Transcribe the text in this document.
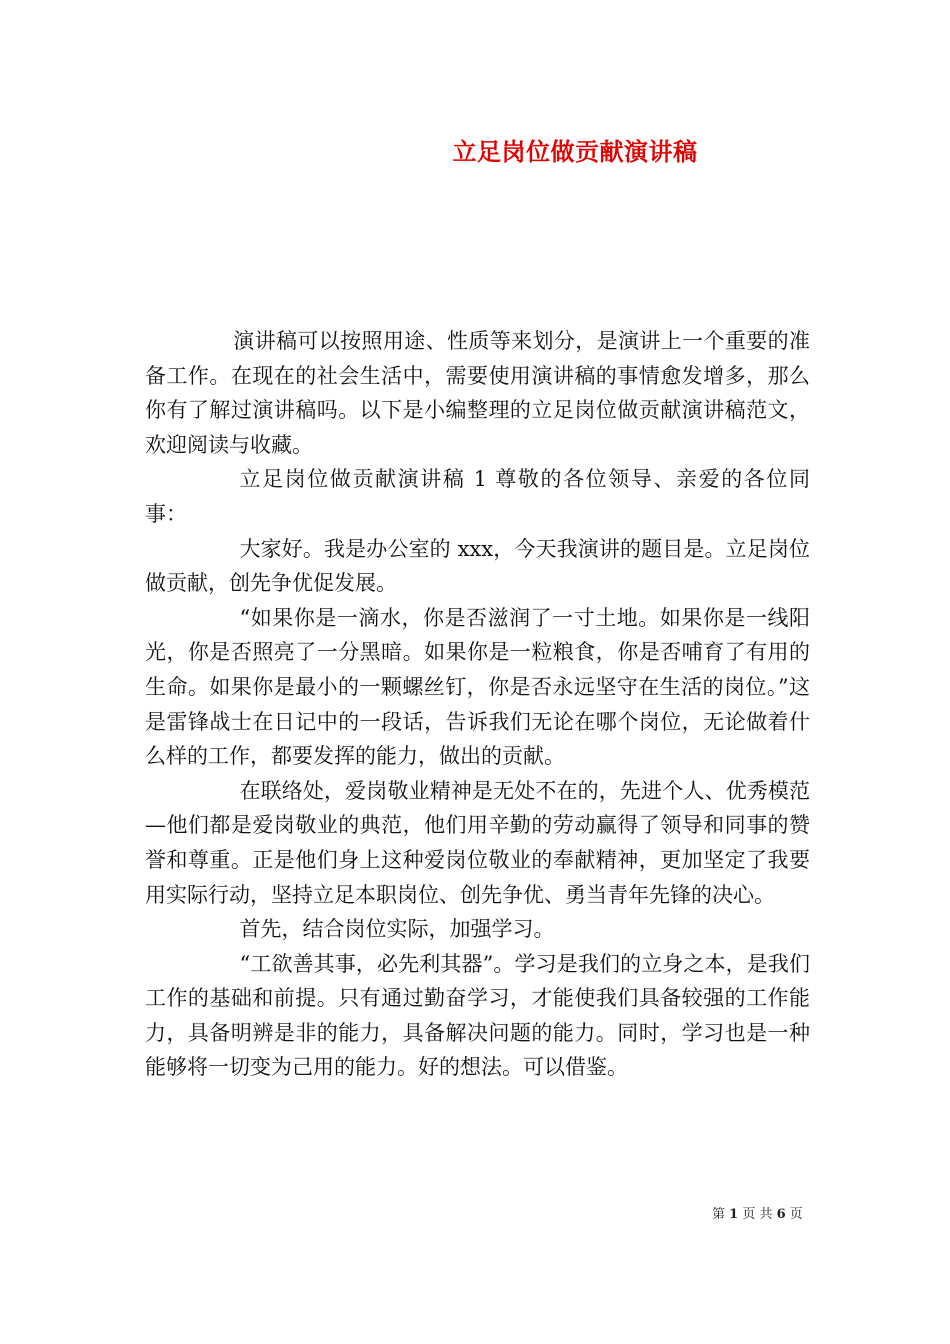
立足岗位做贡献演讲稿

演讲稿可以按照用途、性质等来划分，是演讲上一个重要的准备工作。在现在的社会生活中，需要使用演讲稿的事情愈发增多，那么你有了解过演讲稿吗。以下是小编整理的立足岗位做贡献演讲稿范文，欢迎阅读与收藏。

立足岗位做贡献演讲稿 1 尊敬的各位领导、亲爱的各位同事：

大家好。我是办公室的 xxx，今天我演讲的题目是。立足岗位做贡献，创先争优促发展。

“如果你是一滴水，你是否滋润了一寸土地。如果你是一线阳光，你是否照亮了一分黑暗。如果你是一粒粮食，你是否哺育了有用的生命。如果你是最小的一颗螺丝钉，你是否永远坚守在生活的岗位。”这是雷锋战士在日记中的一段话，告诉我们无论在哪个岗位，无论做着什么样的工作，都要发挥的能力，做出的贡献。

在联络处，爱岗敬业精神是无处不在的，先进个人、优秀模范—他们都是爱岗敬业的典范，他们用辛勤的劳动赢得了领导和同事的赞誉和尊重。正是他们身上这种爱岗位敬业的奉献精神，更加坚定了我要用实际行动，坚持立足本职岗位、创先争优、勇当青年先锋的决心。

首先，结合岗位实际，加强学习。

“工欲善其事，必先利其器”。学习是我们的立身之本，是我们工作的基础和前提。只有通过勤奋学习，才能使我们具备较强的工作能力，具备明辨是非的能力，具备解决问题的能力。同时，学习也是一种能够将一切变为己用的能力。好的想法。可以借鉴。

第 1 页 共 6 页
